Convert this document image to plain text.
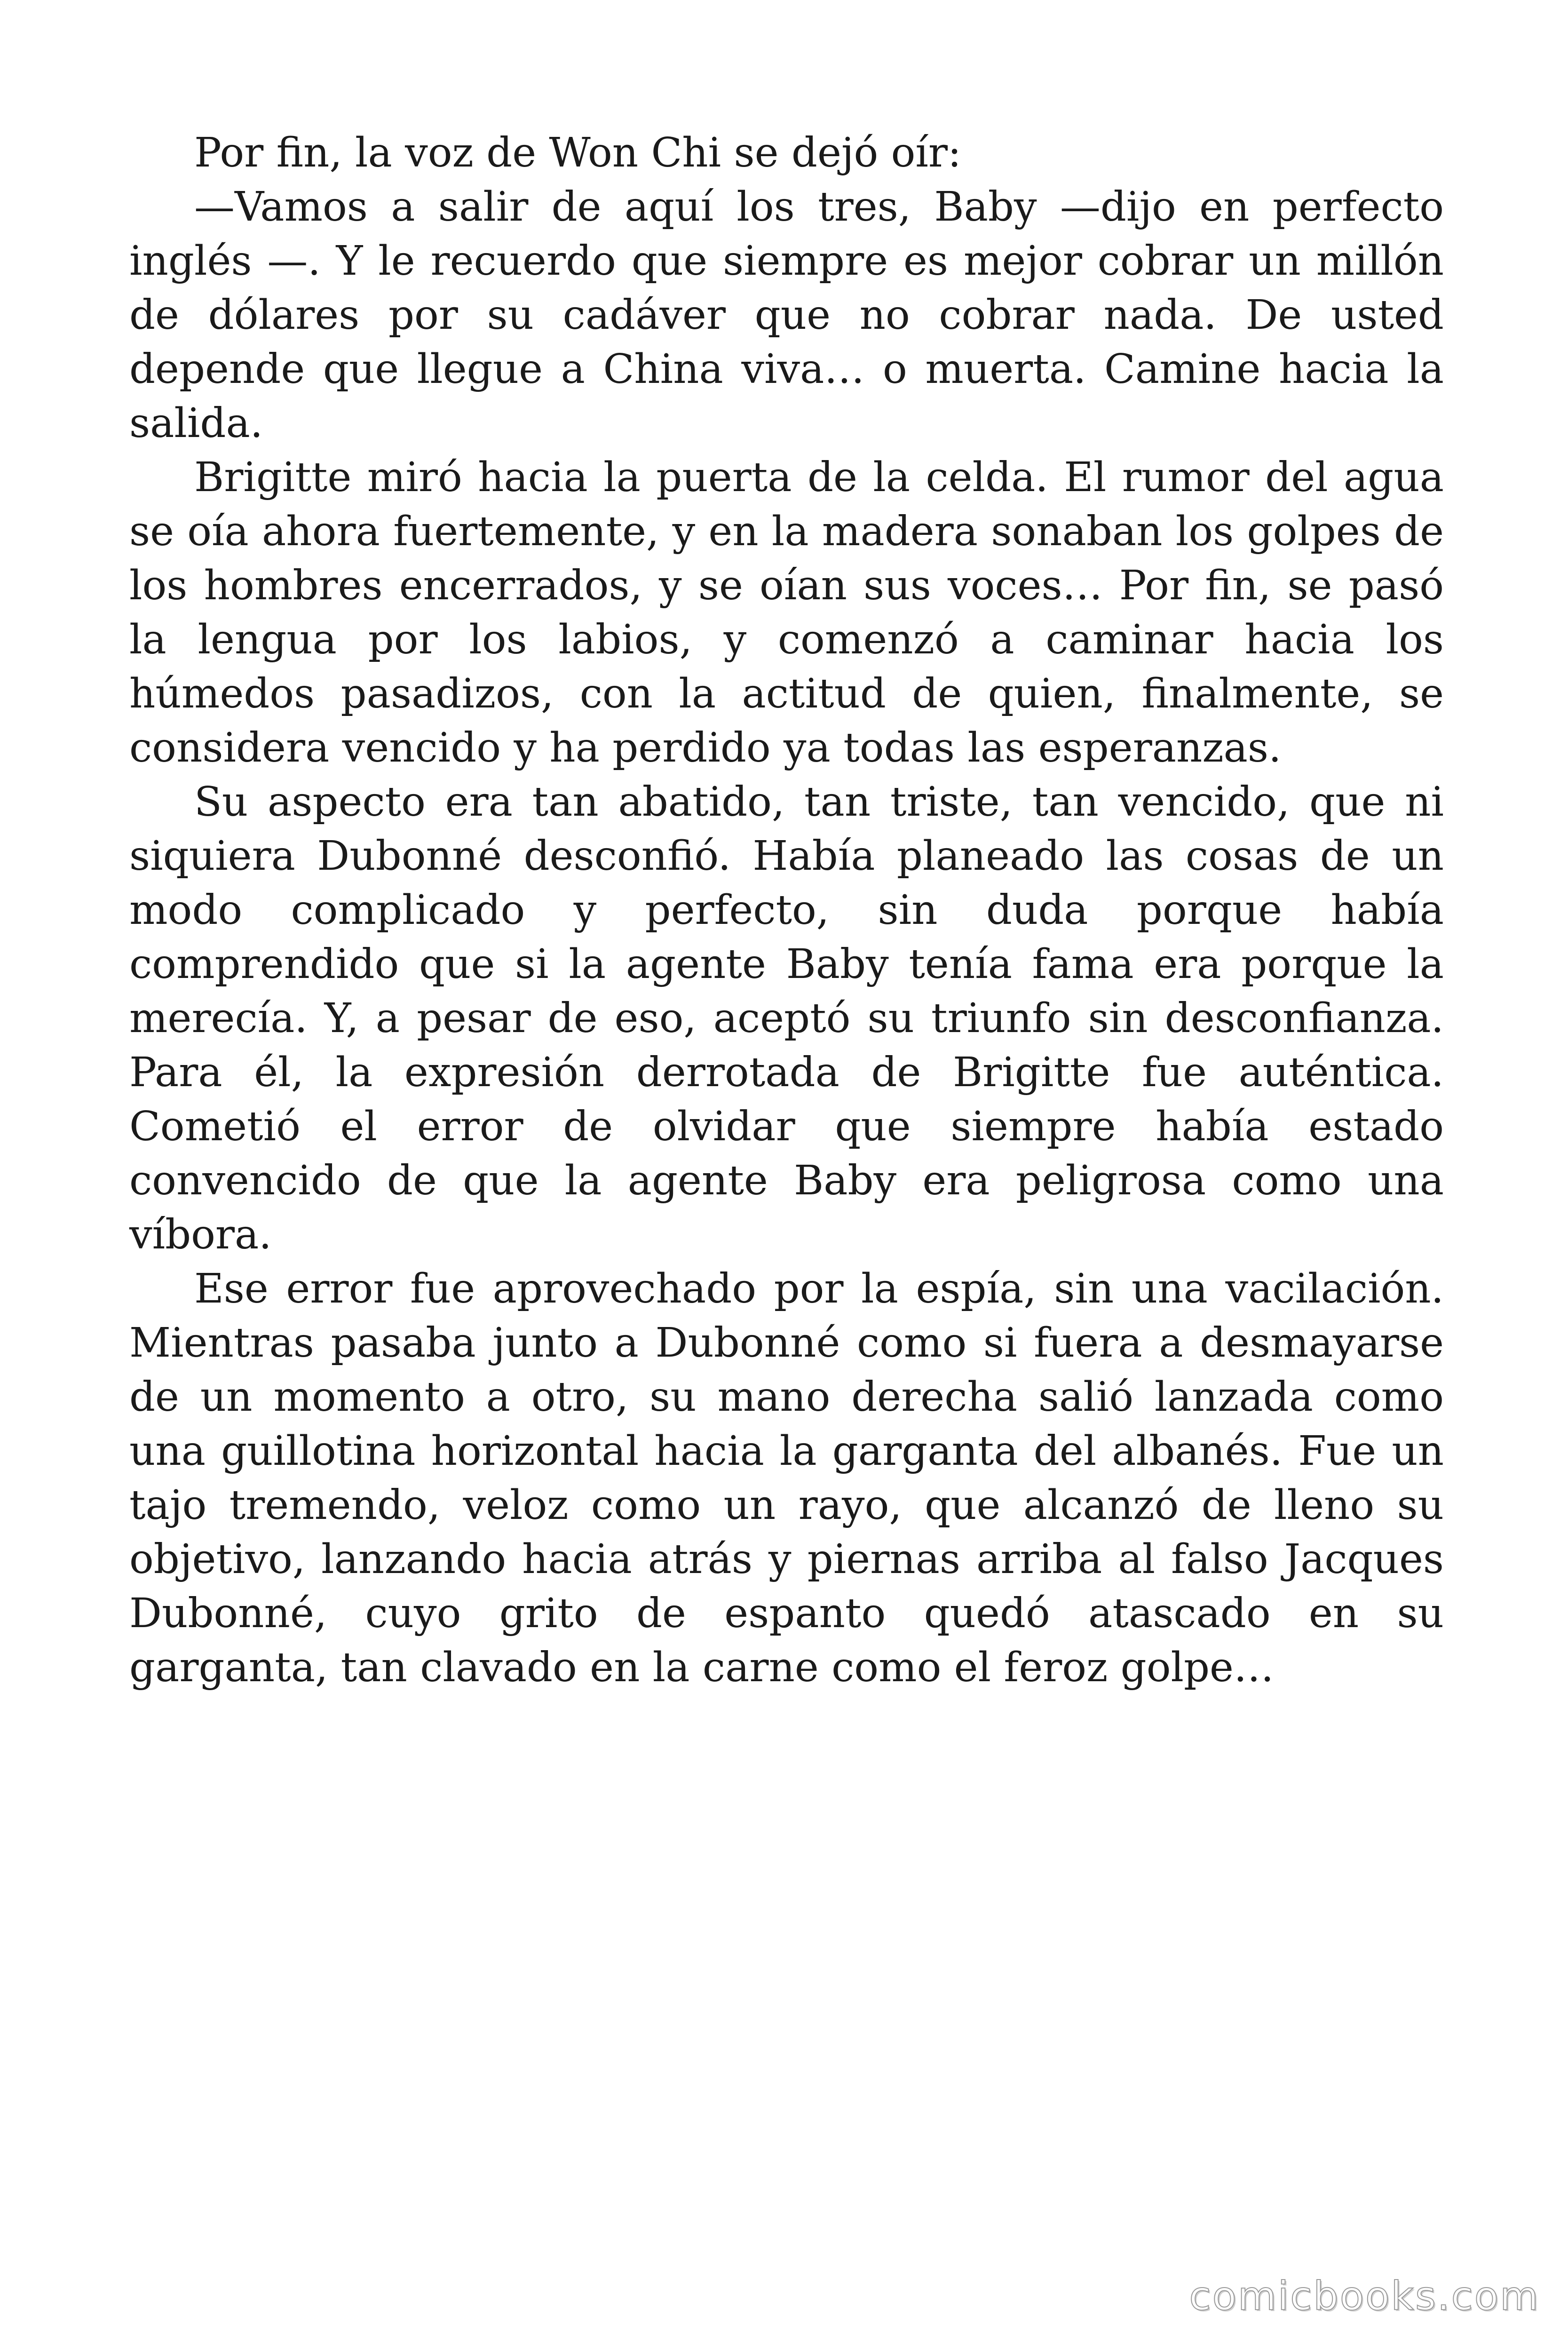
Por fin, la voz de Won Chi se dejó oír:

—Vamos a salir de aquí los tres, Baby —dijo en perfecto inglés —. Y le recuerdo que siempre es mejor cobrar un millón de dólares por su cadáver que no cobrar nada. De usted depende que llegue a China viva… o muerta. Camine hacia la salida.

Brigitte miró hacia la puerta de la celda. El rumor del agua se oía ahora fuertemente, y en la madera sonaban los golpes de los hombres encerrados, y se oían sus voces… Por fin, se pasó la lengua por los labios, y comenzó a caminar hacia los húmedos pasadizos, con la actitud de quien, finalmente, se considera vencido y ha perdido ya todas las esperanzas.

Su aspecto era tan abatido, tan triste, tan vencido, que ni siquiera Dubonné desconfió. Había planeado las cosas de un modo complicado y perfecto, sin duda porque había comprendido que si la agente Baby tenía fama era porque la merecía. Y, a pesar de eso, aceptó su triunfo sin desconfianza. Para él, la expresión derrotada de Brigitte fue auténtica. Cometió el error de olvidar que siempre había estado convencido de que la agente Baby era peligrosa como una víbora.

Ese error fue aprovechado por la espía, sin una vacilación. Mientras pasaba junto a Dubonné como si fuera a desmayarse de un momento a otro, su mano derecha salió lanzada como una guillotina horizontal hacia la garganta del albanés. Fue un tajo tremendo, veloz como un rayo, que alcanzó de lleno su objetivo, lanzando hacia atrás y piernas arriba al falso Jacques Dubonné, cuyo grito de espanto quedó atascado en su garganta, tan clavado en la carne como el feroz golpe…

comicbooks.com
